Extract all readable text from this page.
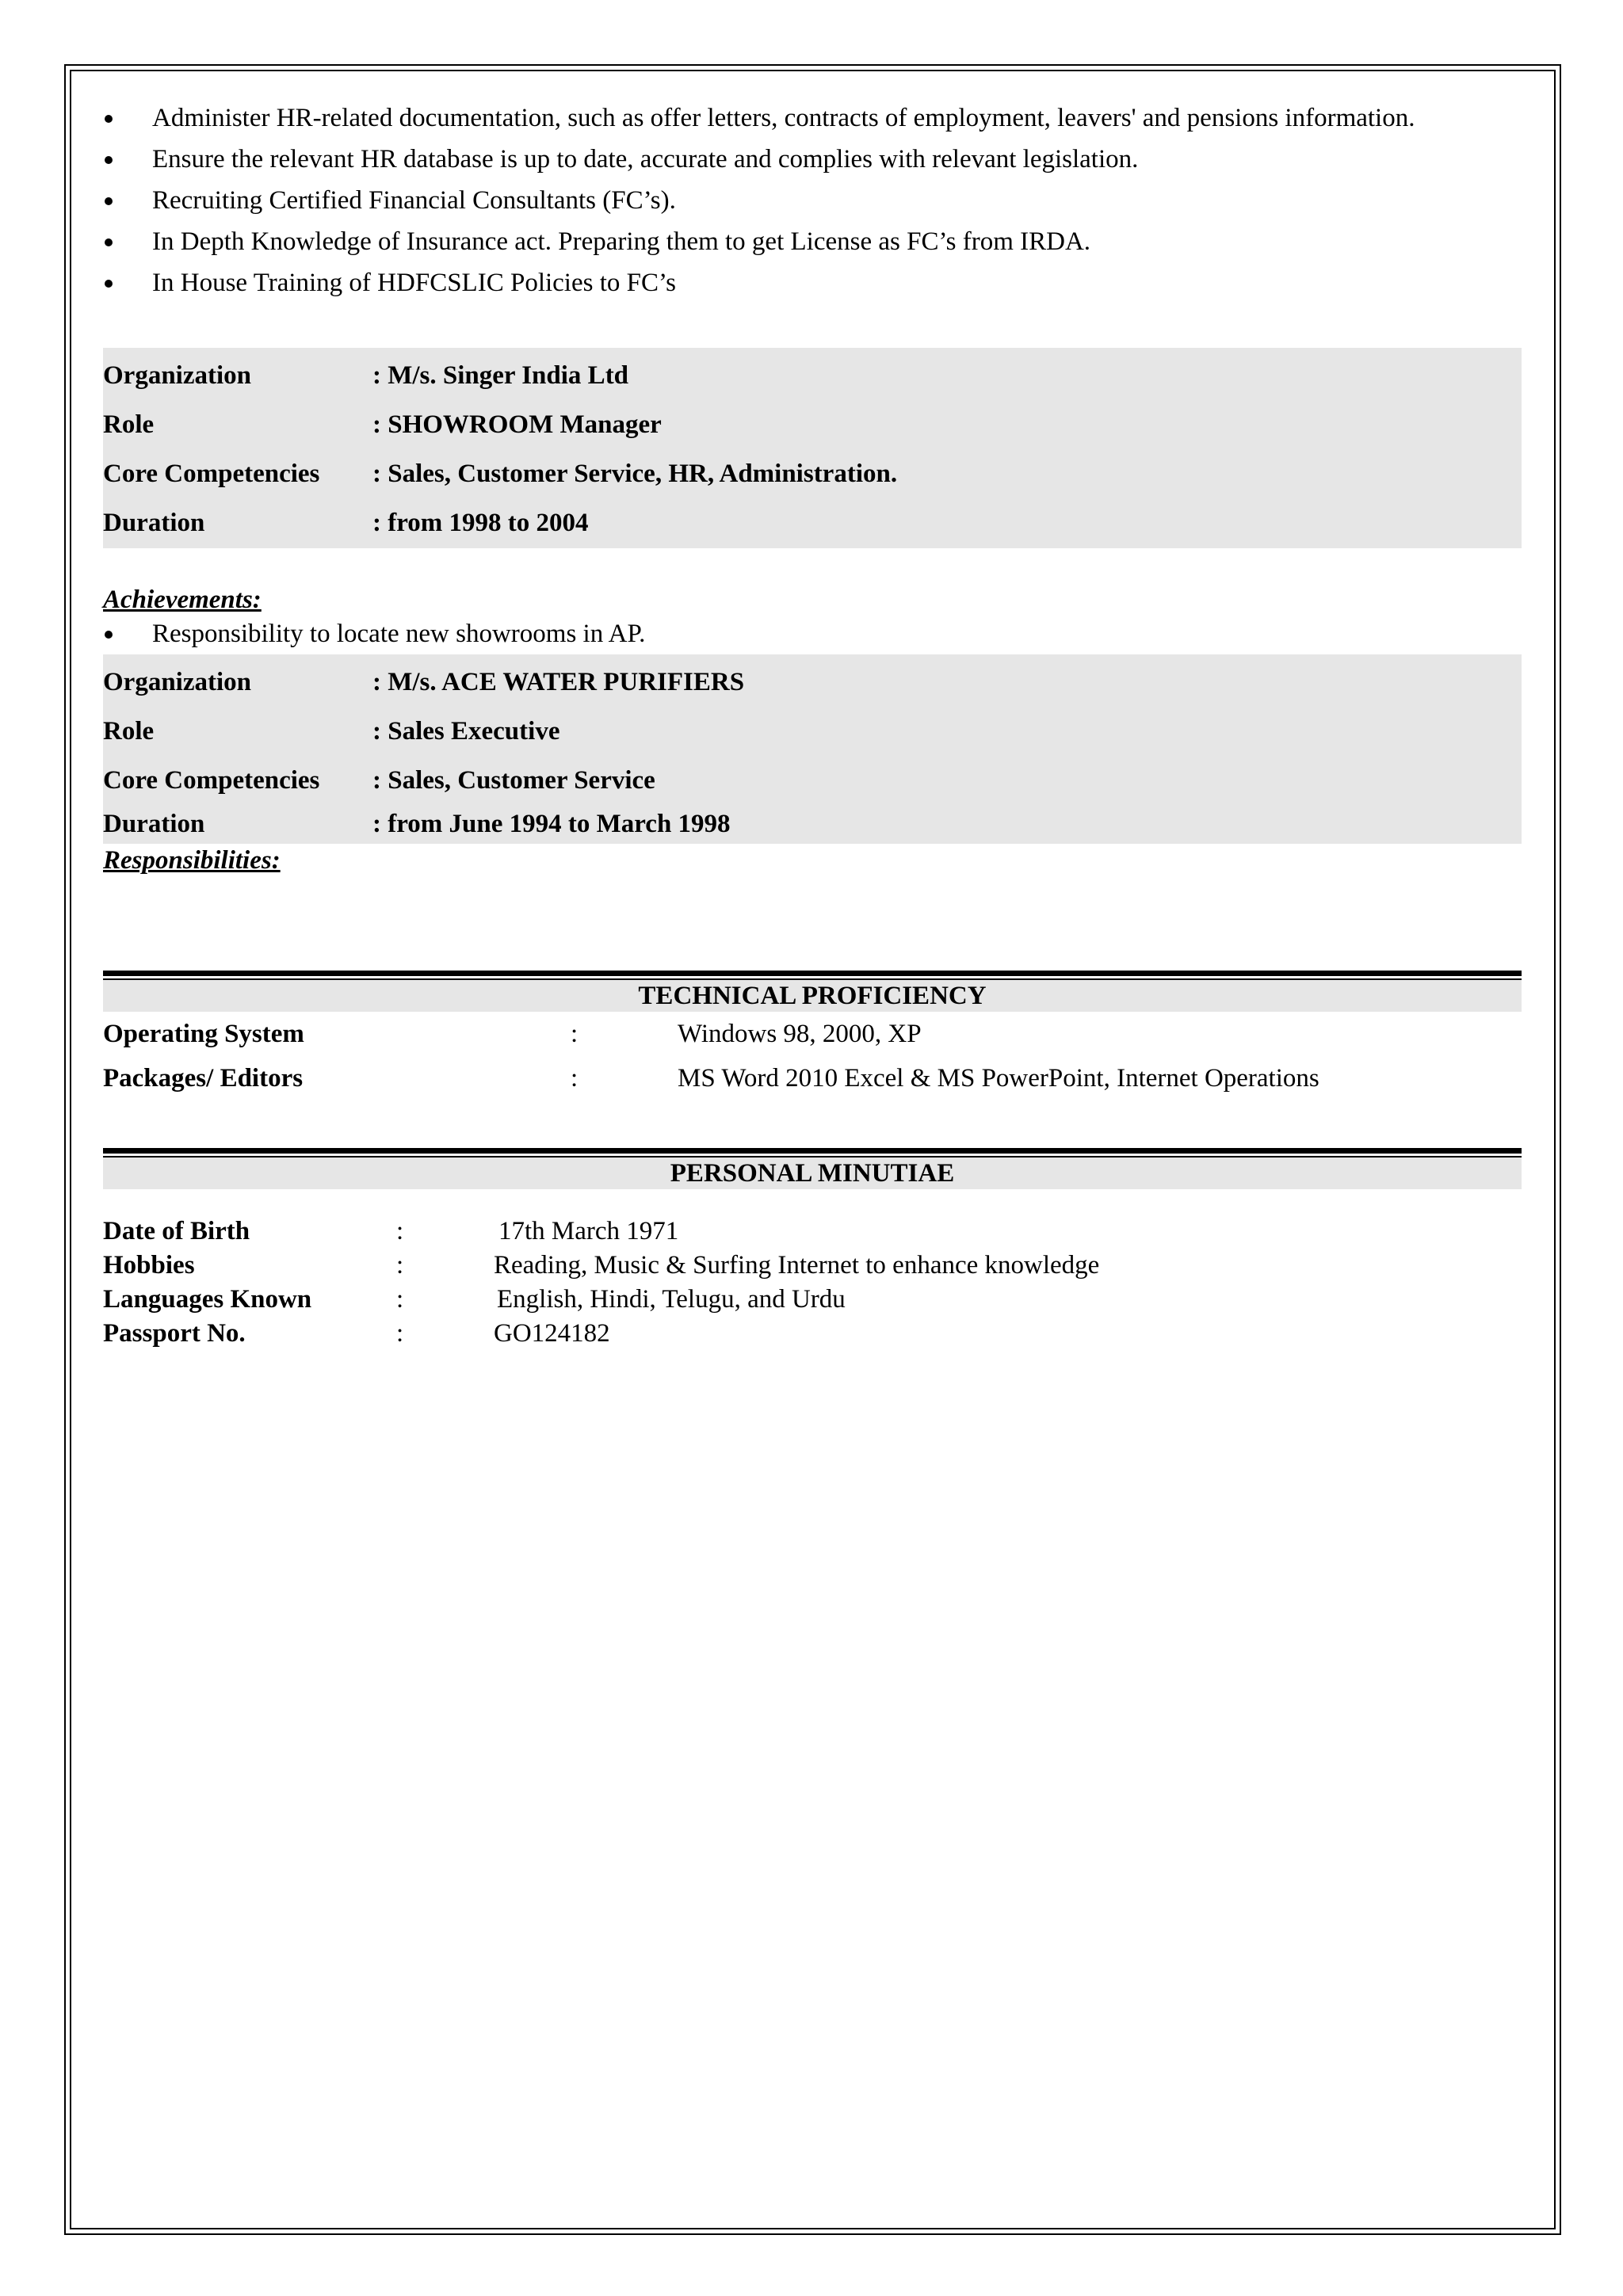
Administer HR-related documentation, such as offer letters, contracts of employment, leavers' and pensions information.
Ensure the relevant HR database is up to date, accurate and complies with relevant legislation.
Recruiting Certified Financial Consultants (FC’s).
In Depth Knowledge of Insurance act. Preparing them to get License as FC’s from IRDA.
In House Training of HDFCSLIC Policies to FC’s
Organization	: M/s. Singer India Ltd
Role	: SHOWROOM Manager
Core Competencies	: Sales, Customer Service, HR, Administration.
Duration	: from 1998 to 2004
Achievements:
Responsibility to locate new showrooms in AP.
Organization	: M/s. ACE WATER PURIFIERS
Role	: Sales Executive
Core Competencies	: Sales, Customer Service
Duration	: from June 1994 to March 1998
Responsibilities:
TECHNICAL PROFICIENCY
Operating System	:	Windows 98, 2000, XP
Packages/ Editors	:	MS Word 2010 Excel & MS PowerPoint, Internet Operations
PERSONAL MINUTIAE
Date of Birth	:	17th March 1971
Hobbies	:	Reading, Music & Surfing Internet to enhance knowledge
Languages Known	:	English, Hindi, Telugu, and Urdu
Passport No.	:	GO124182
